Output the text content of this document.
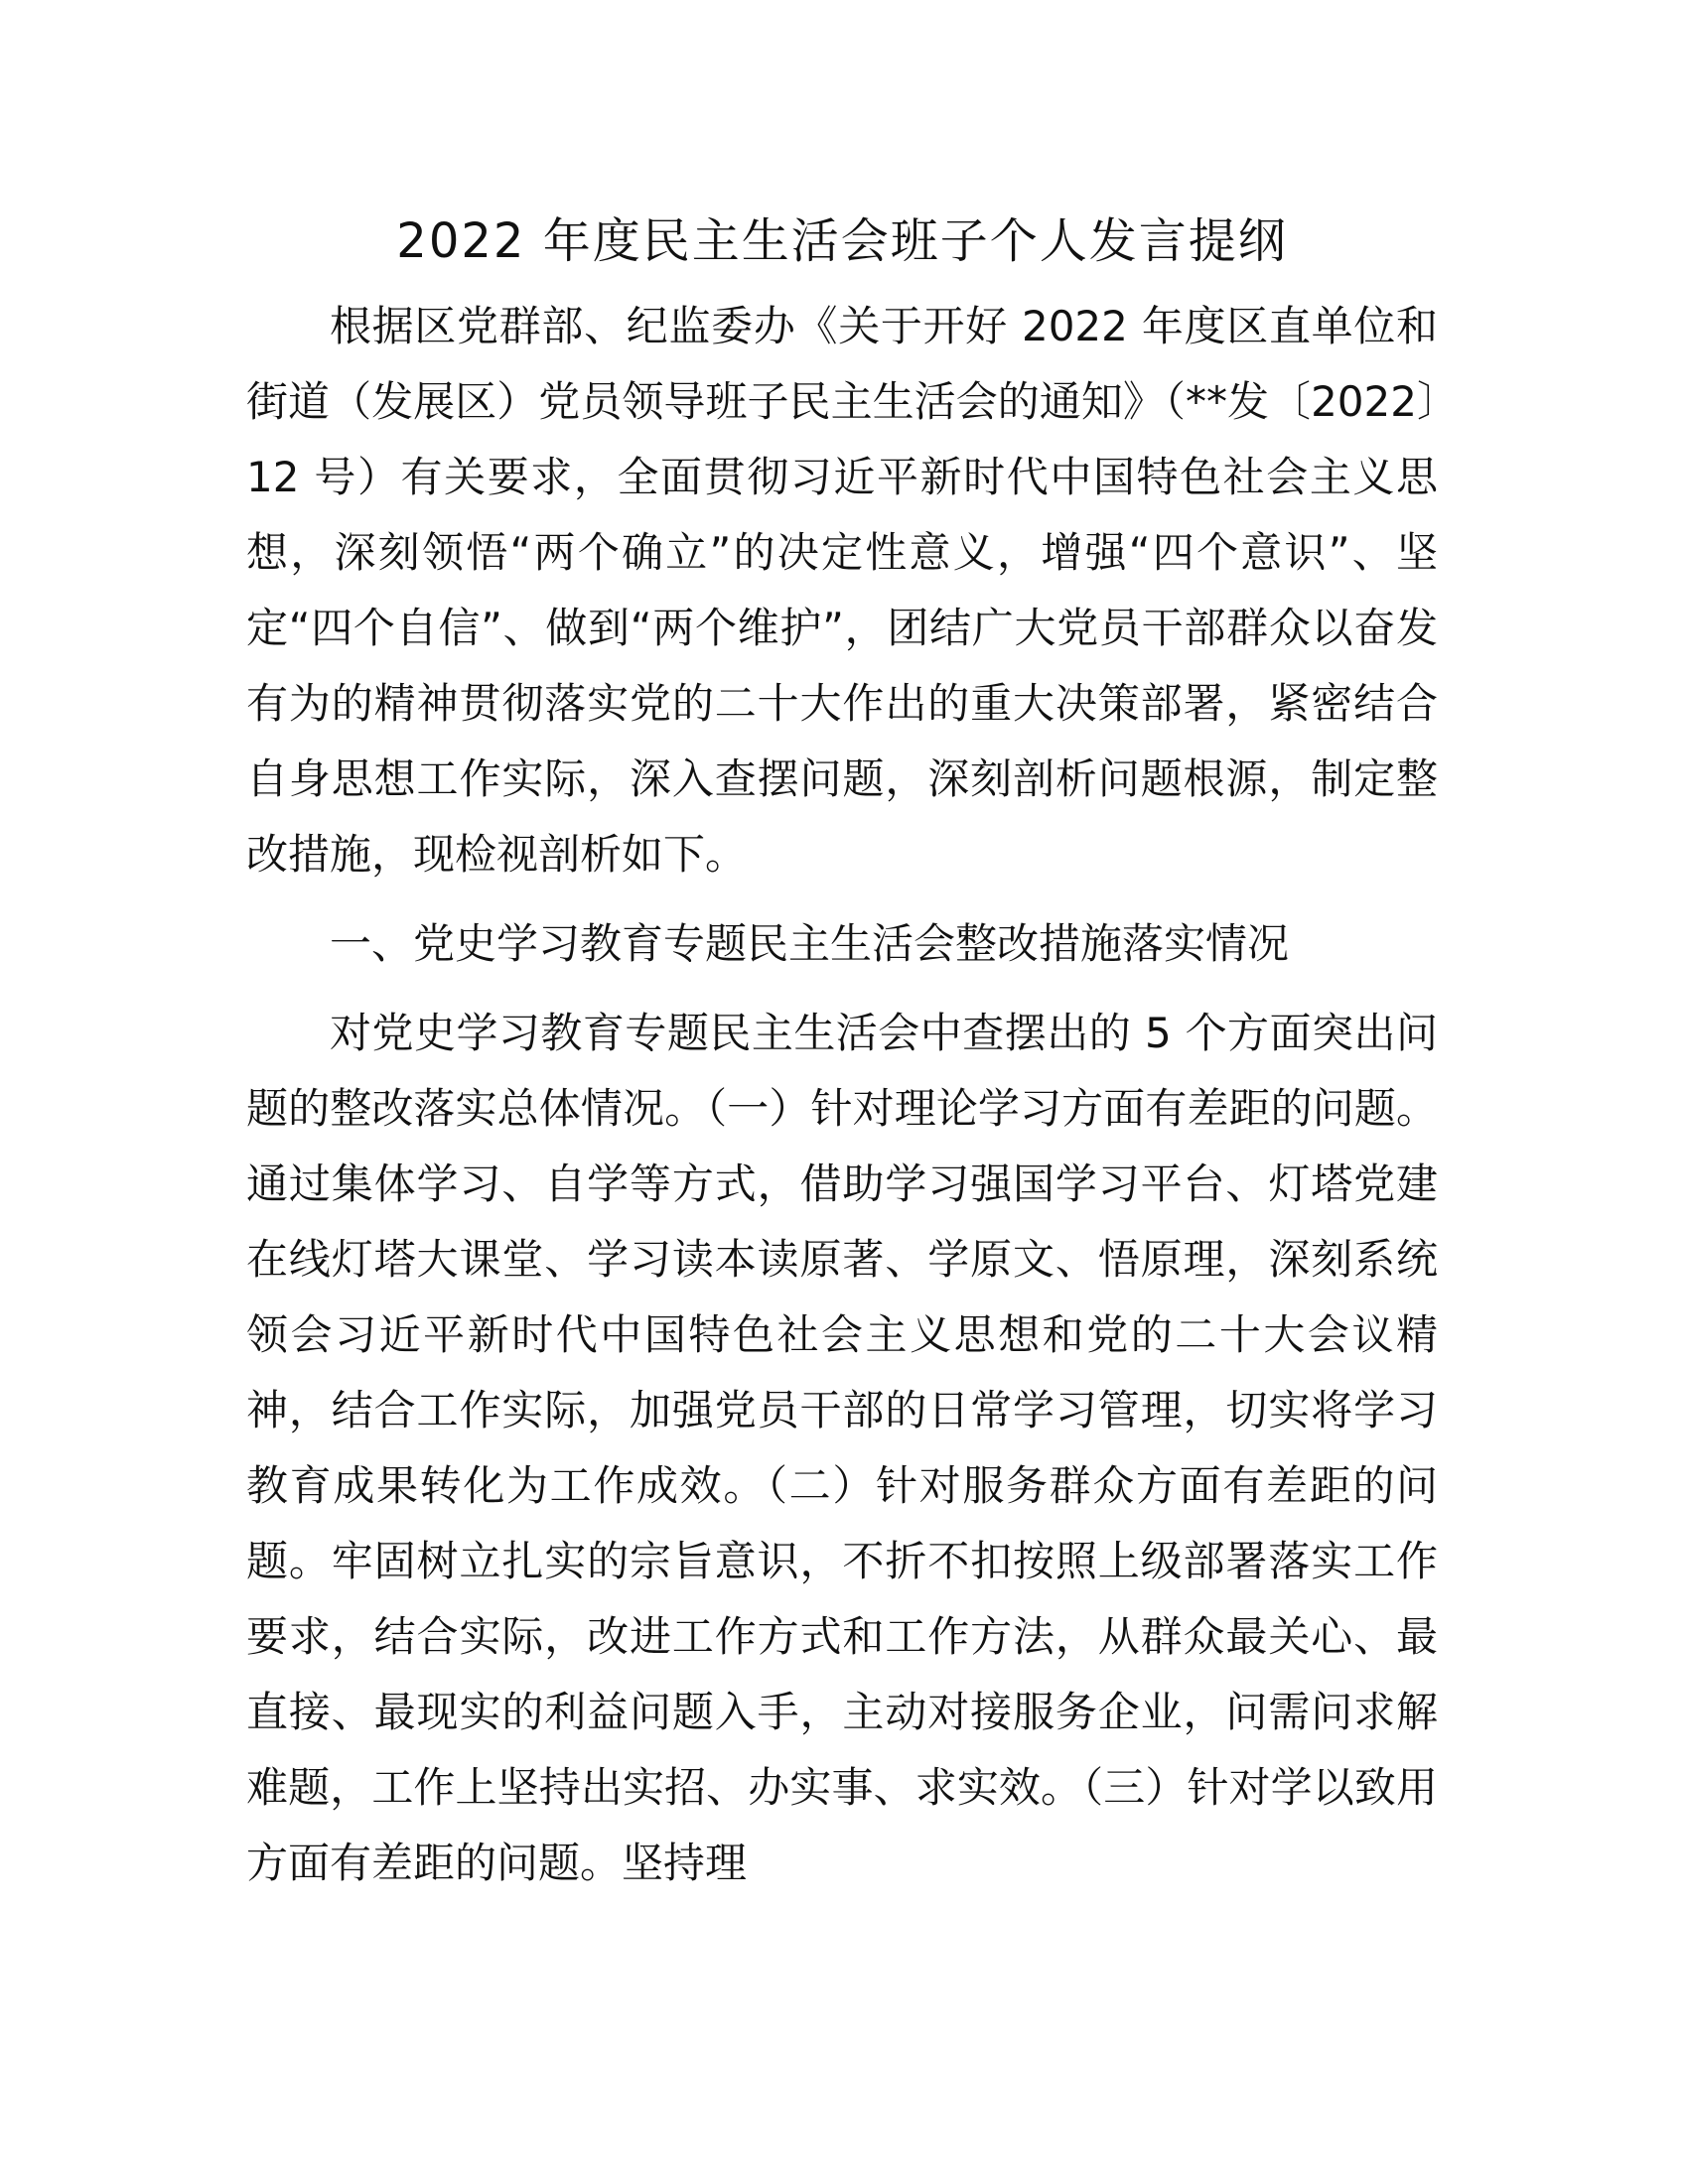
2022 年度民主生活会班子个人发言提纲

根据区党群部、纪监委办《关于开好 2022 年度区直单位和街道（发展区）党员领导班子民主生活会的通知》（**发〔2022〕12 号）有关要求，全面贯彻习近平新时代中国特色社会主义思想，深刻领悟“两个确立”的决定性意义，增强“四个意识”、坚定“四个自信”、做到“两个维护”，团结广大党员干部群众以奋发有为的精神贯彻落实党的二十大作出的重大决策部署，紧密结合自身思想工作实际，深入查摆问题，深刻剖析问题根源，制定整改措施，现检视剖析如下。

一、党史学习教育专题民主生活会整改措施落实情况

对党史学习教育专题民主生活会中查摆出的 5 个方面突出问题的整改落实总体情况。（一）针对理论学习方面有差距的问题。通过集体学习、自学等方式，借助学习强国学习平台、灯塔党建在线灯塔大课堂、学习读本读原著、学原文、悟原理，深刻系统领会习近平新时代中国特色社会主义思想和党的二十大会议精神，结合工作实际，加强党员干部的日常学习管理，切实将学习教育成果转化为工作成效。（二）针对服务群众方面有差距的问题。牢固树立扎实的宗旨意识，不折不扣按照上级部署落实工作要求，结合实际，改进工作方式和工作方法，从群众最关心、最直接、最现实的利益问题入手，主动对接服务企业，问需问求解难题，工作上坚持出实招、办实事、求实效。（三）针对学以致用方面有差距的问题。坚持理
